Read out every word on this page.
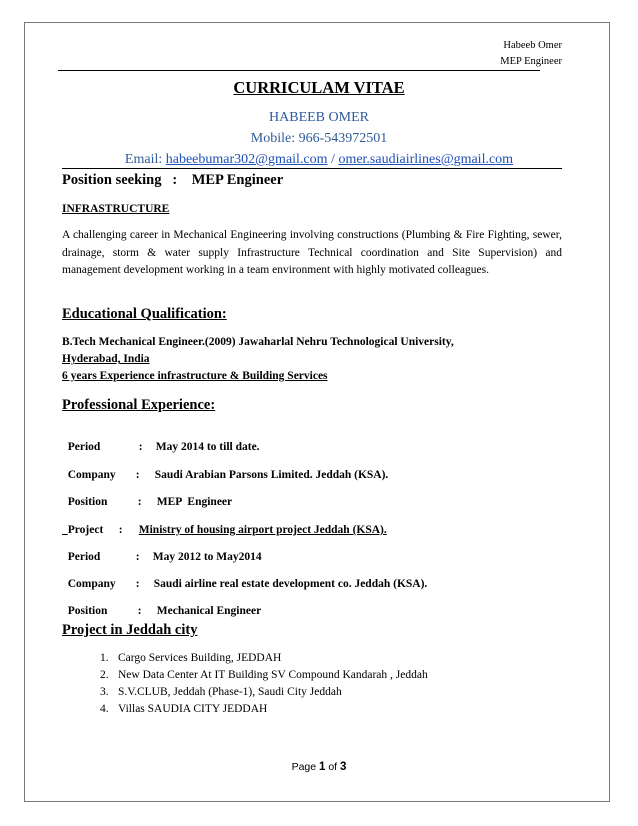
Habeeb Omer
MEP Engineer
CURRICULAM VITAE
HABEEB OMER
Mobile: 966-543972501
Email: habeebumar302@gmail.com / omer.saudiairlines@gmail.com
Position seeking   :    MEP Engineer
INFRASTRUCTURE
A challenging career in Mechanical Engineering involving constructions (Plumbing & Fire Fighting, sewer, drainage, storm & water supply Infrastructure Technical coordination and Site Supervision) and management development working in a team environment with highly motivated colleagues.
Educational Qualification:
B.Tech Mechanical Engineer.(2009) Jawaharlal Nehru Technological University,
Hyderabad, India
6 years Experience infrastructure & Building Services
Professional Experience:

Period	: May 2014 to till date.

Company : Saudi Arabian Parsons Limited. Jeddah (KSA).

Position	: MEP  Engineer

Project : Ministry of housing airport project Jeddah (KSA).

Period	: May 2012 to May2014

Company : Saudi airline real estate development co. Jeddah (KSA).

Position	: Mechanical Engineer

Project in Jeddah city
1. Cargo Services Building, JEDDAH
2. New Data Center At IT Building SV Compound Kandarah , Jeddah
3. S.V.CLUB, Jeddah (Phase-1), Saudi City Jeddah
4. Villas SAUDIA CITY JEDDAH
Page 1 of 3
